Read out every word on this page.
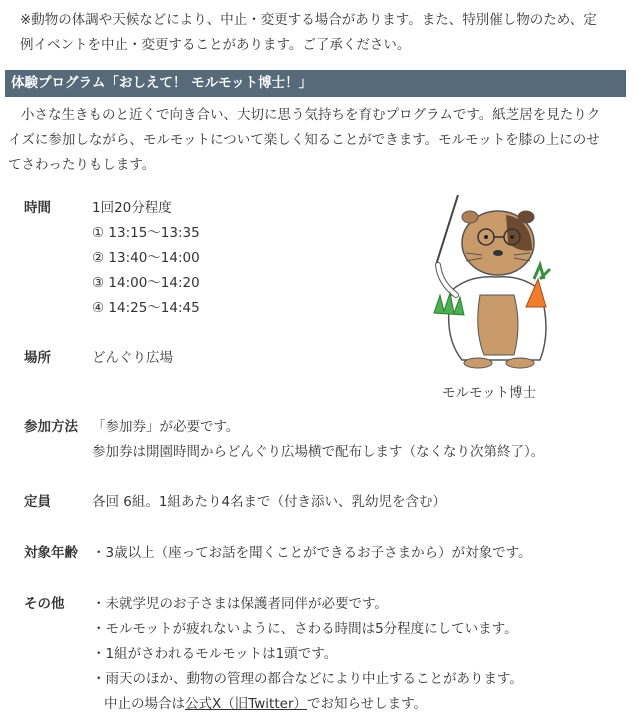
※動物の体調や天候などにより、中止・変更する場合があります。また、特別催し物のため、定

例イベントを中止・変更することがあります。ご了承ください。

体験プログラム「おしえて！ モルモット博士！」

小さな生きものと近くで向き合い、大切に思う気持ちを育むプログラムです。紙芝居を見たりク

イズに参加しながら、モルモットについて楽しく知ることができます。モルモットを膝の上にのせ

てさわったりもします。

時間	1回20分程度
① 13:15〜13:35
② 13:40〜14:00
③ 14:00〜14:20
④ 14:25〜14:45
場所	どんぐり広場
参加方法 「参加券」が必要です。
参加券は開園時間からどんぐり広場横で配布します（なくなり次第終了）。
定員	各回 6組。1組あたり4名まで（付き添い、乳幼児を含む）
対象年齢 ・3歳以上（座ってお話を聞くことができるお子さまから）が対象です。
その他 ・未就学児のお子さまは保護者同伴が必要です。
・モルモットが疲れないように、さわる時間は5分程度にしています。
・1組がさわれるモルモットは1頭です。
・雨天のほか、動物の管理の都合などにより中止することがあります。
中止の場合は公式X（旧Twitter）でお知らせします。
モルモット博士
